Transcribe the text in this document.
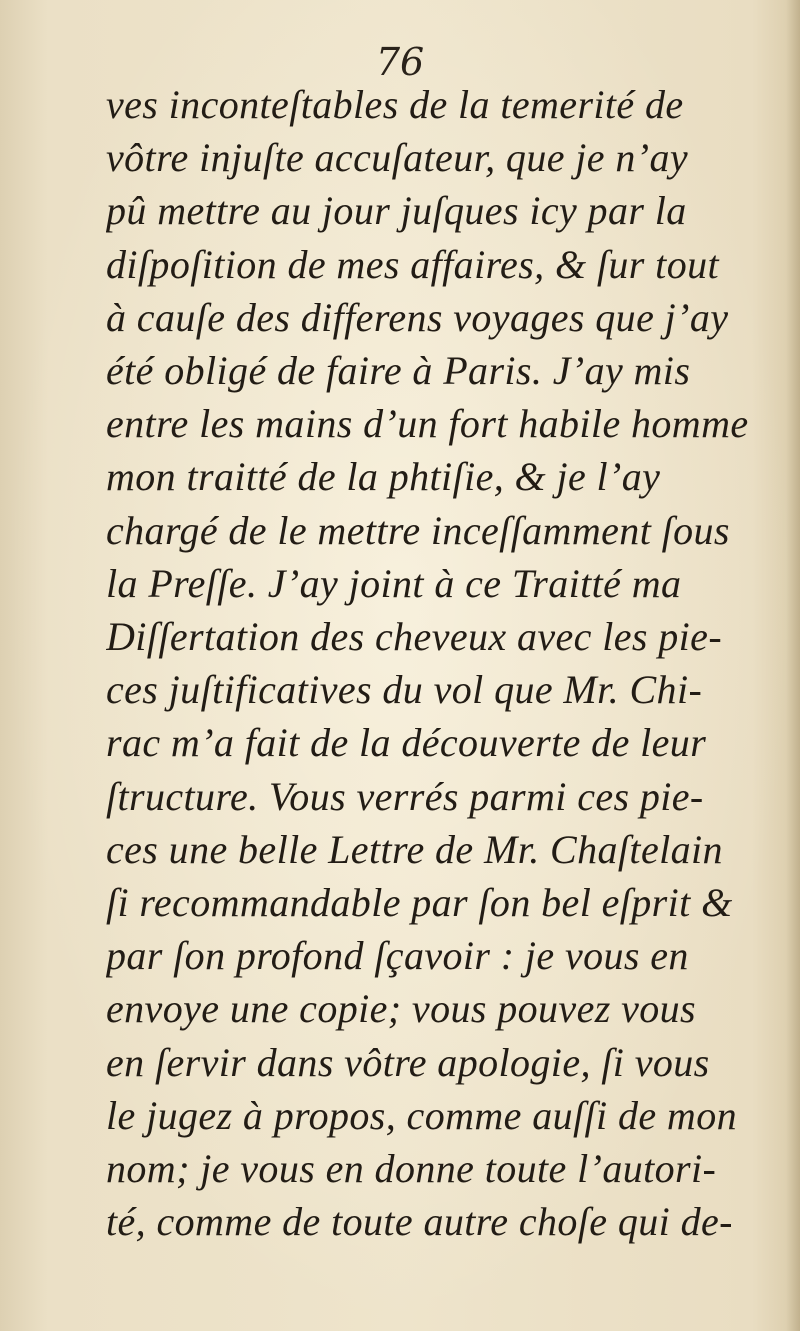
76

ves inconteſtables de la temerité de
vôtre injuſte accuſateur, que je n’ay
pû mettre au jour juſques icy par la
diſpoſition de mes affaires, & ſur tout
à cauſe des differens voyages que j’ay
été obligé de faire à Paris. J’ay mis
entre les mains d’un fort habile homme
mon traitté de la phtiſie, & je l’ay
chargé de le mettre inceſſamment ſous
la Preſſe. J’ay joint à ce Traitté ma
Diſſertation des cheveux avec les pie-
ces juſtificatives du vol que Mr. Chi-
rac m’a fait de la découverte de leur
ſtructure. Vous verrés parmi ces pie-
ces une belle Lettre de Mr. Chaſtelain
ſi recommandable par ſon bel eſprit &
par ſon profond ſçavoir : je vous en
envoye une copie; vous pouvez vous
en ſervir dans vôtre apologie, ſi vous
le jugez à propos, comme auſſi de mon
nom; je vous en donne toute l’autori-
té, comme de toute autre choſe qui de-
